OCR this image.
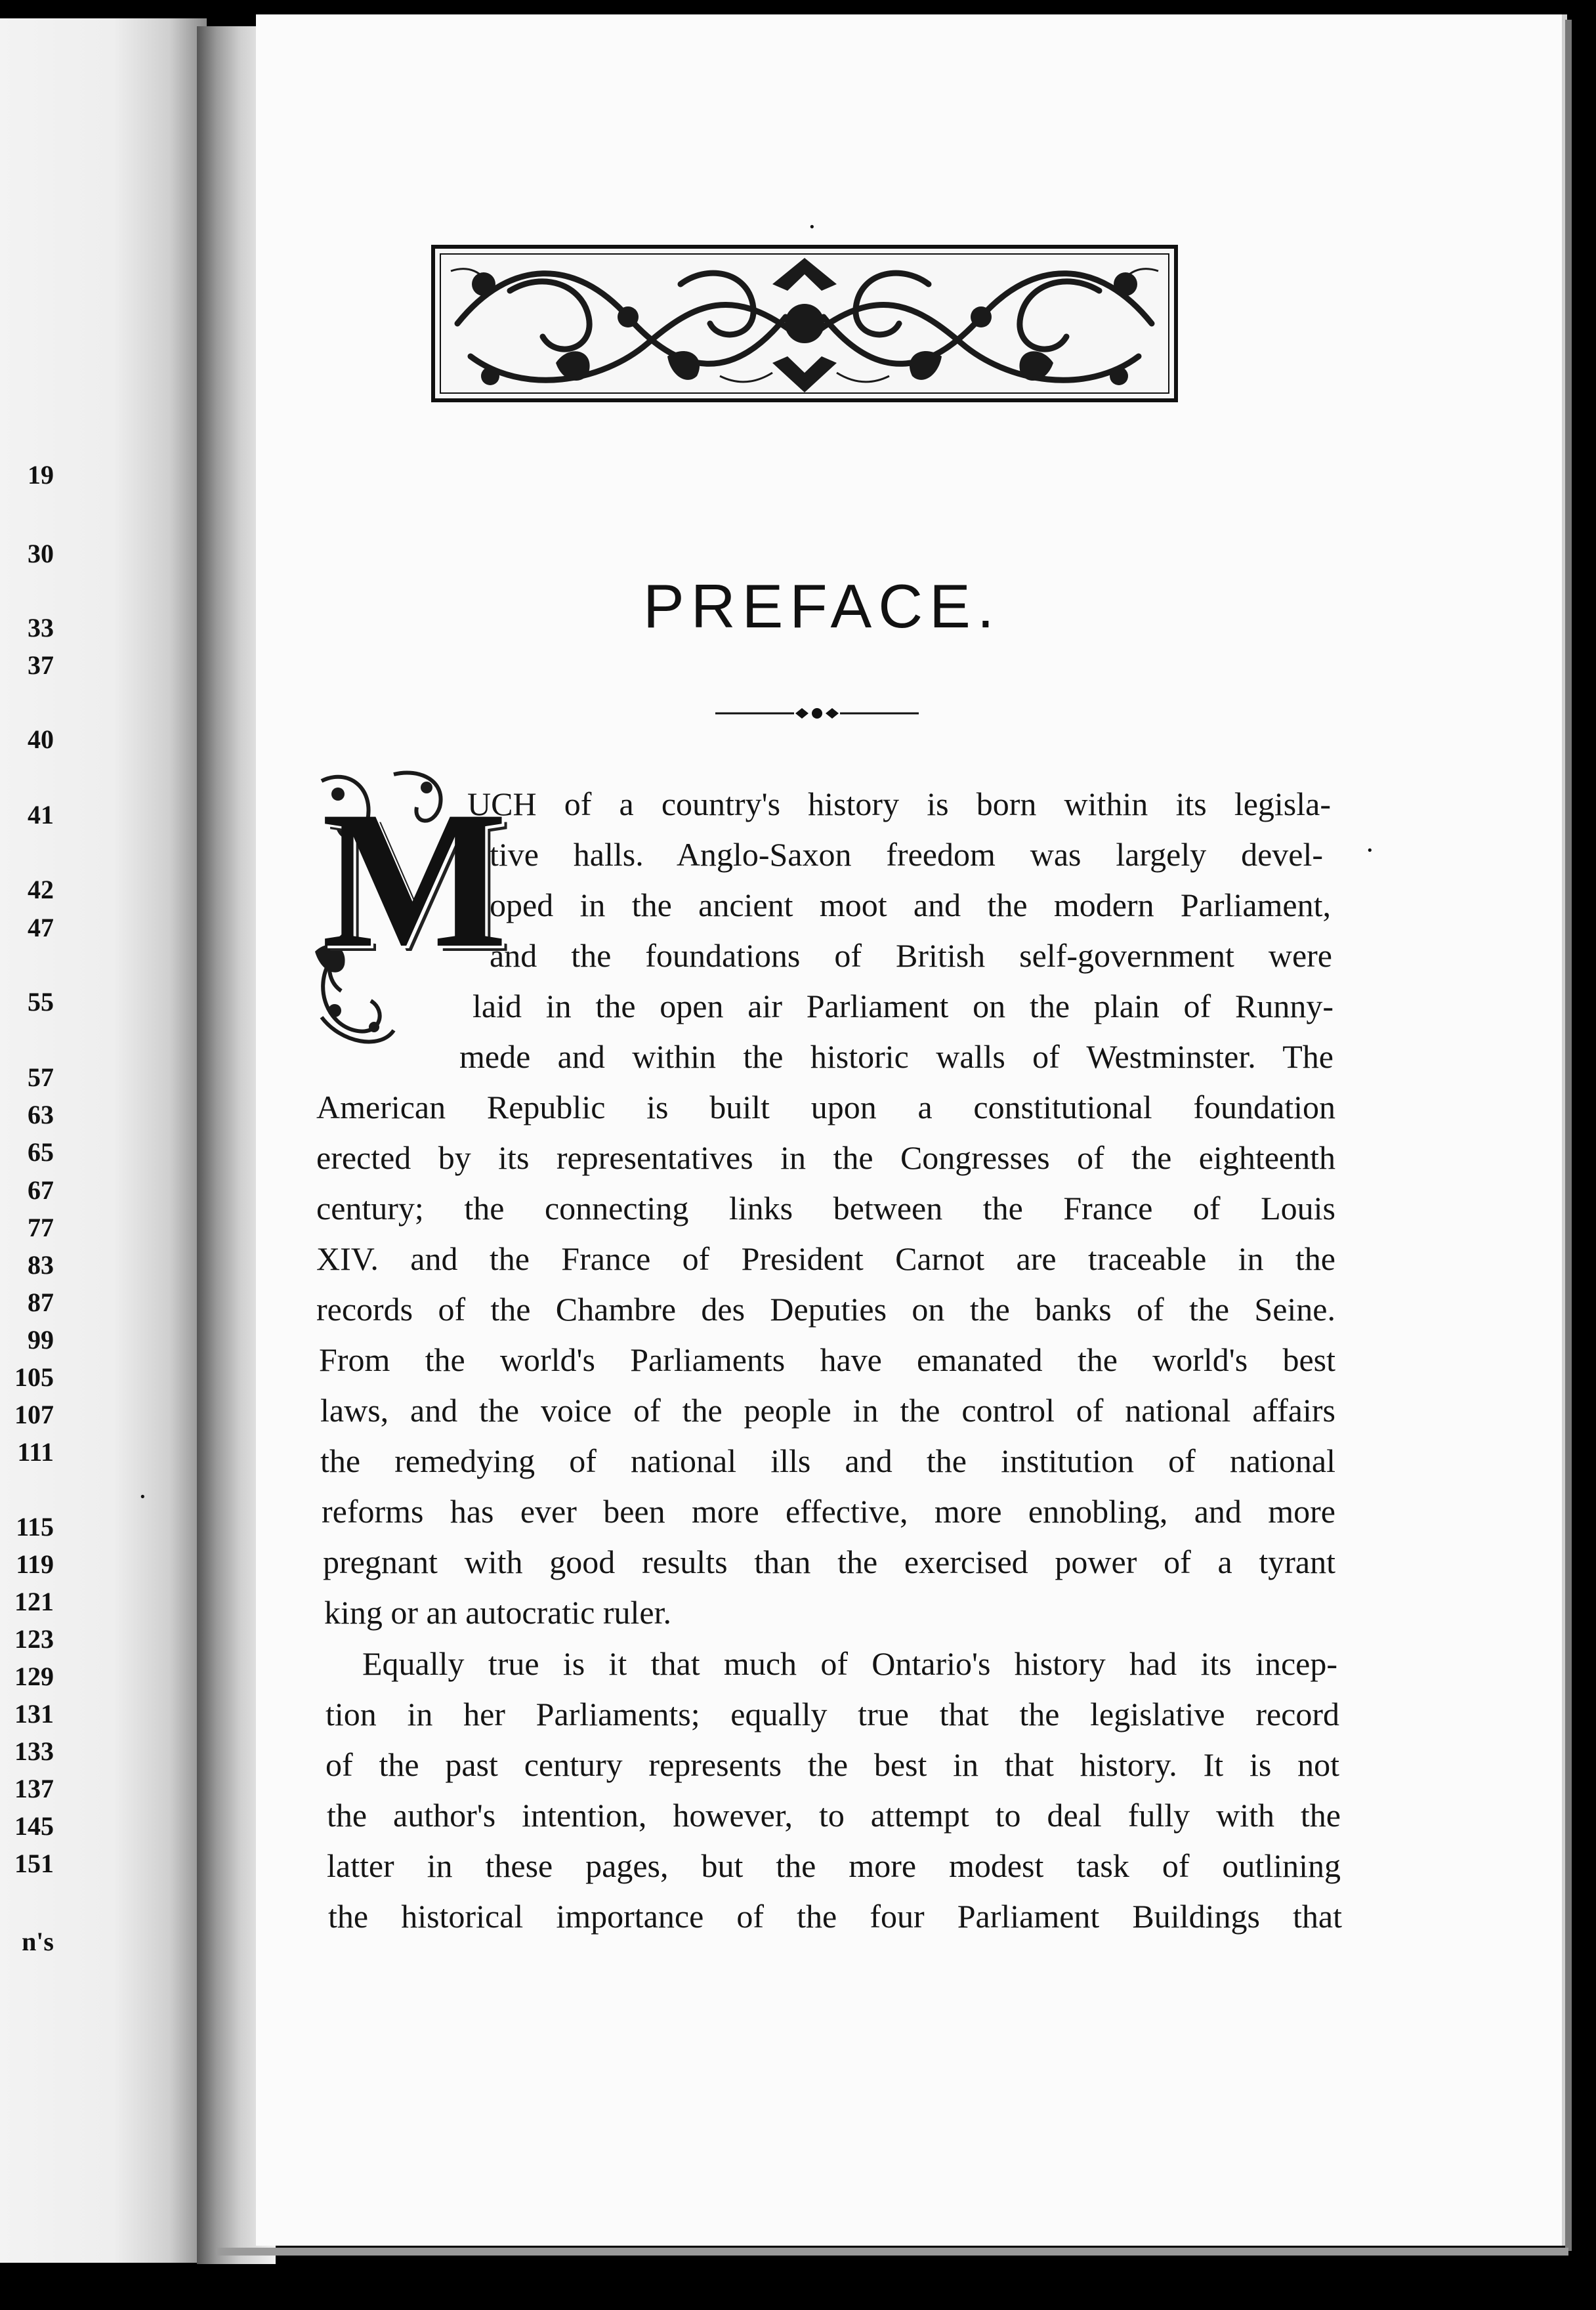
19
30
33
37
40
41
42
47
55
57
63
65
67
77
83
87
99
105
107
111
115
119
121
123
129
131
133
137
145
151
n's
PREFACE.
M
UCH of a country's history is born within its legisla-
tive halls. Anglo-Saxon freedom was largely devel-
oped in the ancient moot and the modern Parliament,
and the foundations of British self-government were
laid in the open air Parliament on the plain of Runny-
mede and within the historic walls of Westminster. The
American Republic is built upon a constitutional foundation
erected by its representatives in the Congresses of the eighteenth
century; the connecting links between the France of Louis
XIV. and the France of President Carnot are traceable in the
records of the Chambre des Deputies on the banks of the Seine.
From the world's Parliaments have emanated the world's best
laws, and the voice of the people in the control of national affairs
the remedying of national ills and the institution of national
reforms has ever been more effective, more ennobling, and more
pregnant with good results than the exercised power of a tyrant
king or an autocratic ruler.
Equally true is it that much of Ontario's history had its incep-
tion in her Parliaments; equally true that the legislative record
of the past century represents the best in that history. It is not
the author's intention, however, to attempt to deal fully with the
latter in these pages, but the more modest task of outlining
the historical importance of the four Parliament Buildings that
·
·
·
